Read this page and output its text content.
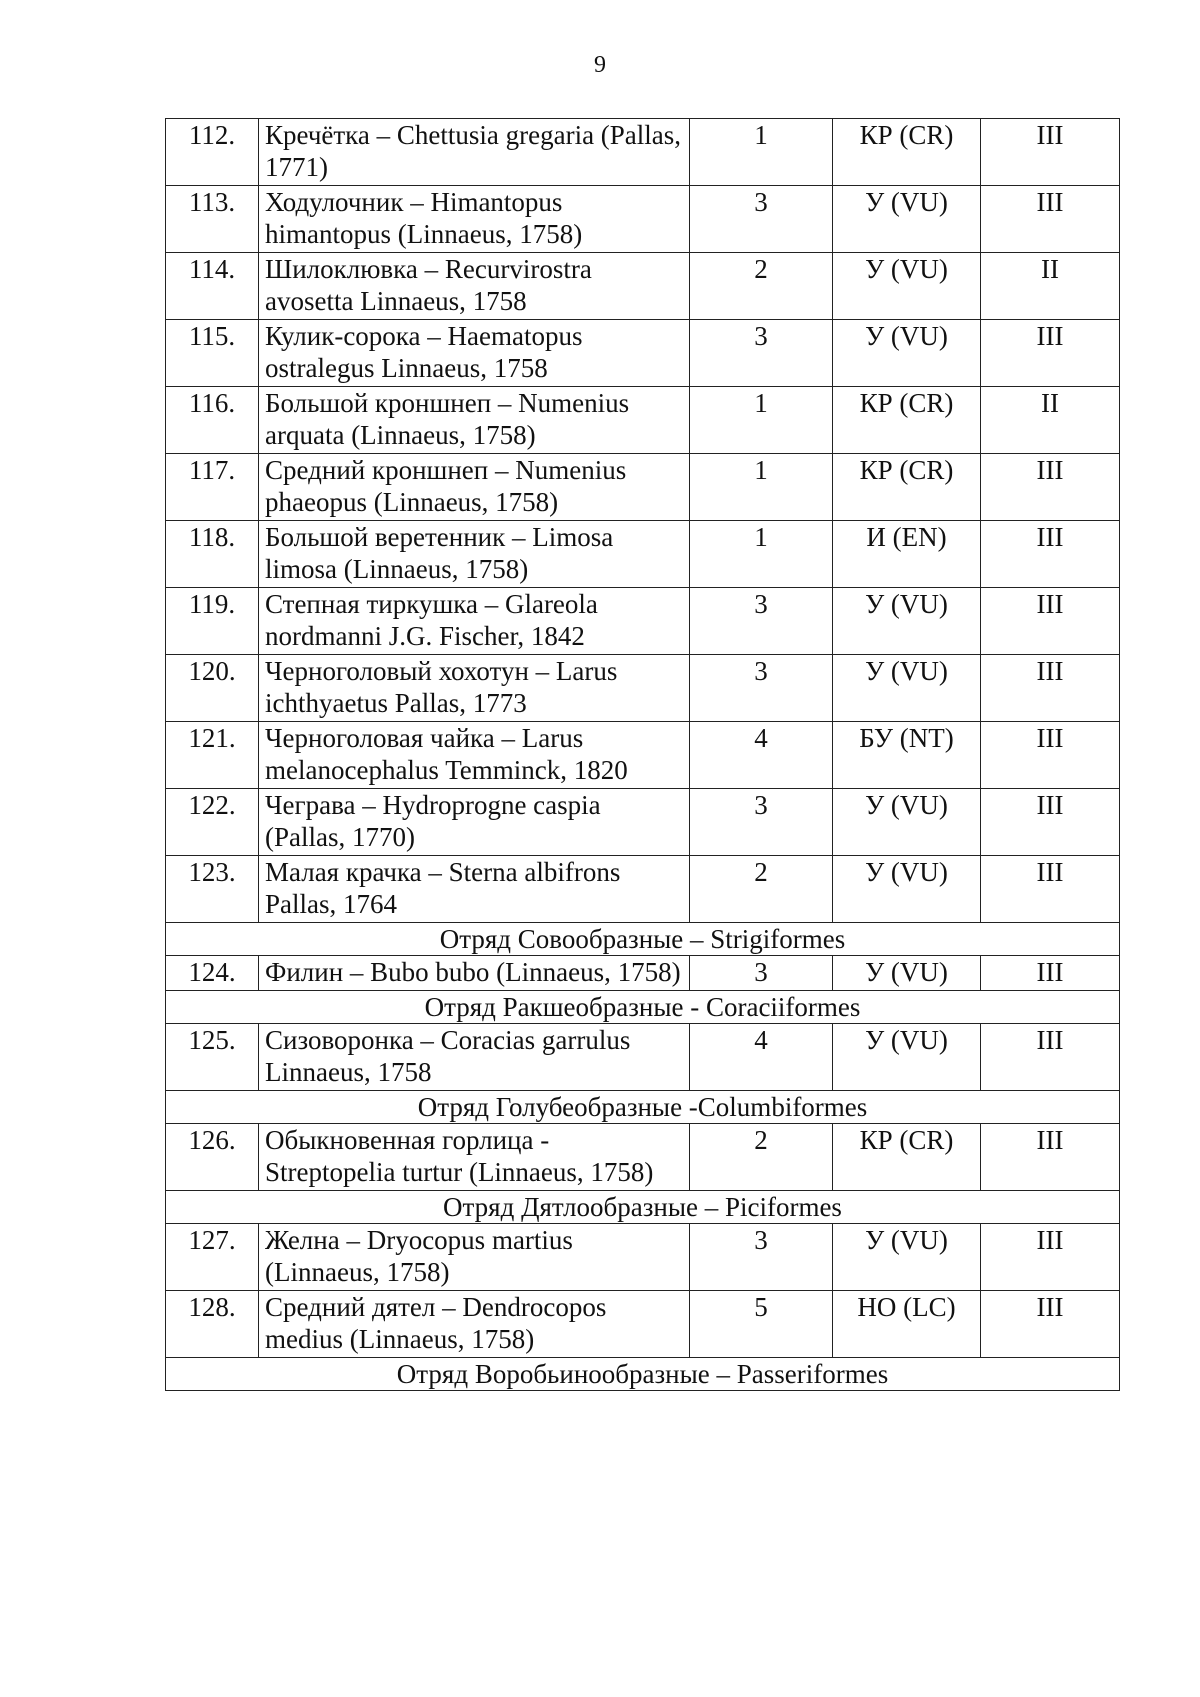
9
112.	Кречётка – Chettusia gregaria (Pallas, 1771)	1	КР (CR)	III
113.	Ходулочник – Himantopus himantopus (Linnaeus, 1758)	3	У (VU)	III
114.	Шилоклювка – Recurvirostra avosetta Linnaeus, 1758	2	У (VU)	II
115.	Кулик-сорока – Haematopus ostralegus Linnaeus, 1758	3	У (VU)	III
116.	Большой кроншнеп – Numenius arquata (Linnaeus, 1758)	1	КР (CR)	II
117.	Средний кроншнеп – Numenius phaeopus (Linnaeus, 1758)	1	КР (CR)	III
118.	Большой веретенник – Limosa limosa (Linnaeus, 1758)	1	И (EN)	III
119.	Степная тиркушка – Glareola nordmanni J.G. Fischer, 1842	3	У (VU)	III
120.	Черноголовый хохотун – Larus ichthyaetus Pallas, 1773	3	У (VU)	III
121.	Черноголовая чайка – Larus melanocephalus Temminck, 1820	4	БУ (NT)	III
122.	Чеграва – Hydroprogne caspia (Pallas, 1770)	3	У (VU)	III
123.	Малая крачка – Sterna albifrons Pallas, 1764	2	У (VU)	III
Отряд Совообразные – Strigiformes				
124.	Филин – Bubo bubo (Linnaeus, 1758)	3	У (VU)	III
Отряд Ракшеобразные - Coraciiformes				
125.	Сизоворонка – Coracias garrulus Linnaeus, 1758	4	У (VU)	III
Отряд Голубеобразные -Columbiformes				
126.	Обыкновенная горлица - Streptopelia turtur (Linnaeus, 1758)	2	КР (CR)	III
Отряд Дятлообразные – Piciformes				
127.	Желна – Dryocopus martius (Linnaeus, 1758)	3	У (VU)	III
128.	Средний дятел – Dendrocopos medius (Linnaeus, 1758)	5	НО (LC)	III
Отряд Воробьинообразные – Passeriformes				
